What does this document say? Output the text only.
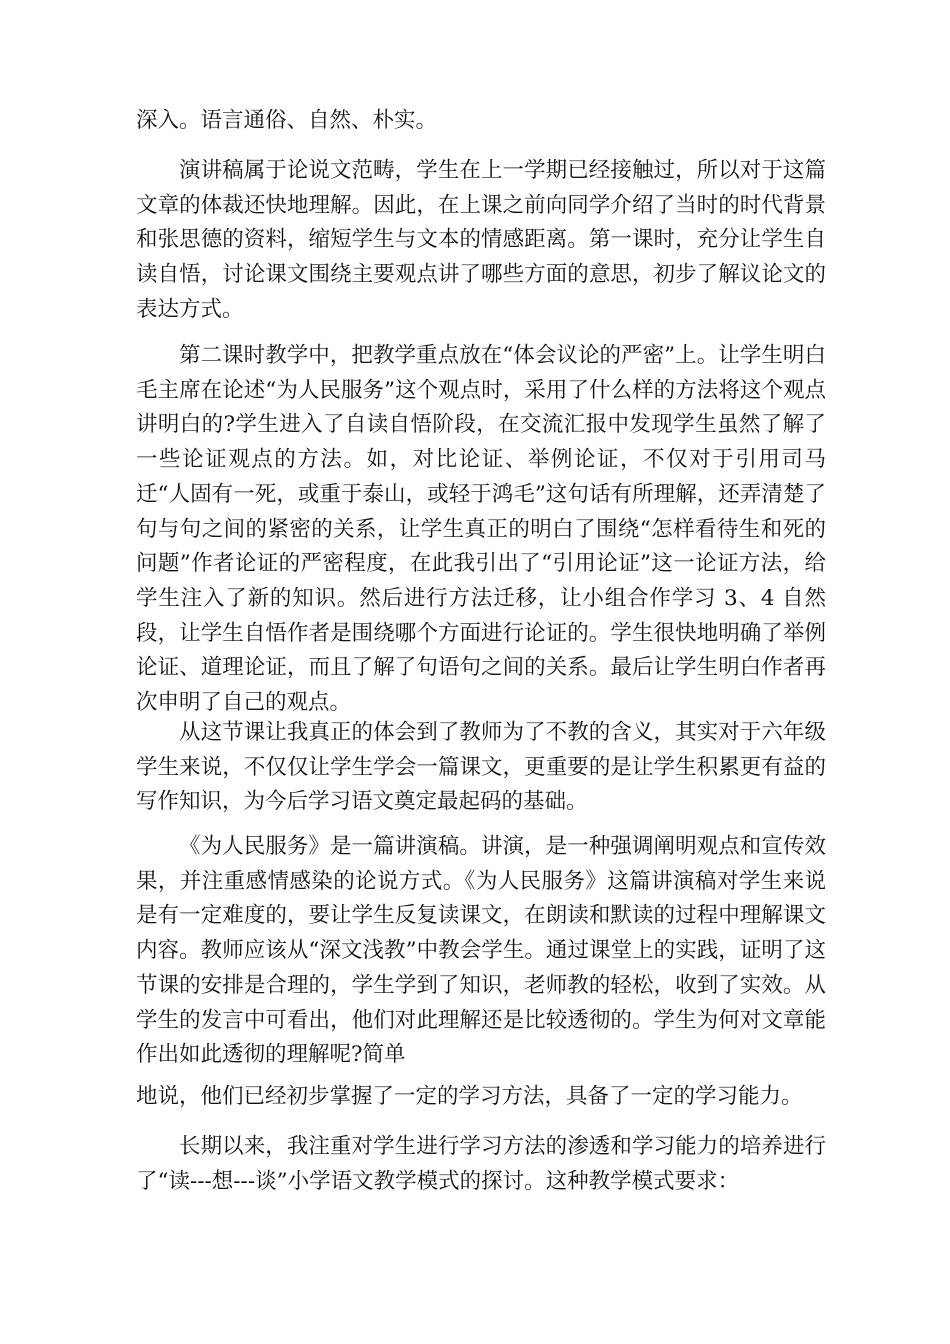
深入。语言通俗、自然、朴实。

演讲稿属于论说文范畴，学生在上一学期已经接触过，所以对于这篇文章的体裁还快地理解。因此，在上课之前向同学介绍了当时的时代背景和张思德的资料，缩短学生与文本的情感距离。第一课时，充分让学生自读自悟，讨论课文围绕主要观点讲了哪些方面的意思，初步了解议论文的表达方式。

第二课时教学中，把教学重点放在“体会议论的严密”上。让学生明白毛主席在论述“为人民服务”这个观点时，采用了什么样的方法将这个观点讲明白的?学生进入了自读自悟阶段，在交流汇报中发现学生虽然了解了一些论证观点的方法。如，对比论证、举例论证，不仅对于引用司马迁“人固有一死，或重于泰山，或轻于鸿毛”这句话有所理解，还弄清楚了句与句之间的紧密的关系，让学生真正的明白了围绕“怎样看待生和死的问题”作者论证的严密程度，在此我引出了“引用论证”这一论证方法，给学生注入了新的知识。然后进行方法迁移，让小组合作学习 3、4 自然段，让学生自悟作者是围绕哪个方面进行论证的。学生很快地明确了举例论证、道理论证，而且了解了句语句之间的关系。最后让学生明白作者再次申明了自己的观点。

从这节课让我真正的体会到了教师为了不教的含义，其实对于六年级学生来说，不仅仅让学生学会一篇课文，更重要的是让学生积累更有益的写作知识，为今后学习语文奠定最起码的基础。

《为人民服务》是一篇讲演稿。讲演，是一种强调阐明观点和宣传效果，并注重感情感染的论说方式。《为人民服务》这篇讲演稿对学生来说是有一定难度的，要让学生反复读课文，在朗读和默读的过程中理解课文内容。教师应该从“深文浅教”中教会学生。通过课堂上的实践，证明了这节课的安排是合理的，学生学到了知识，老师教的轻松，收到了实效。从学生的发言中可看出，他们对此理解还是比较透彻的。学生为何对文章能作出如此透彻的理解呢?简单

地说，他们已经初步掌握了一定的学习方法，具备了一定的学习能力。

长期以来，我注重对学生进行学习方法的渗透和学习能力的培养进行了“读---想---谈”小学语文教学模式的探讨。这种教学模式要求：
